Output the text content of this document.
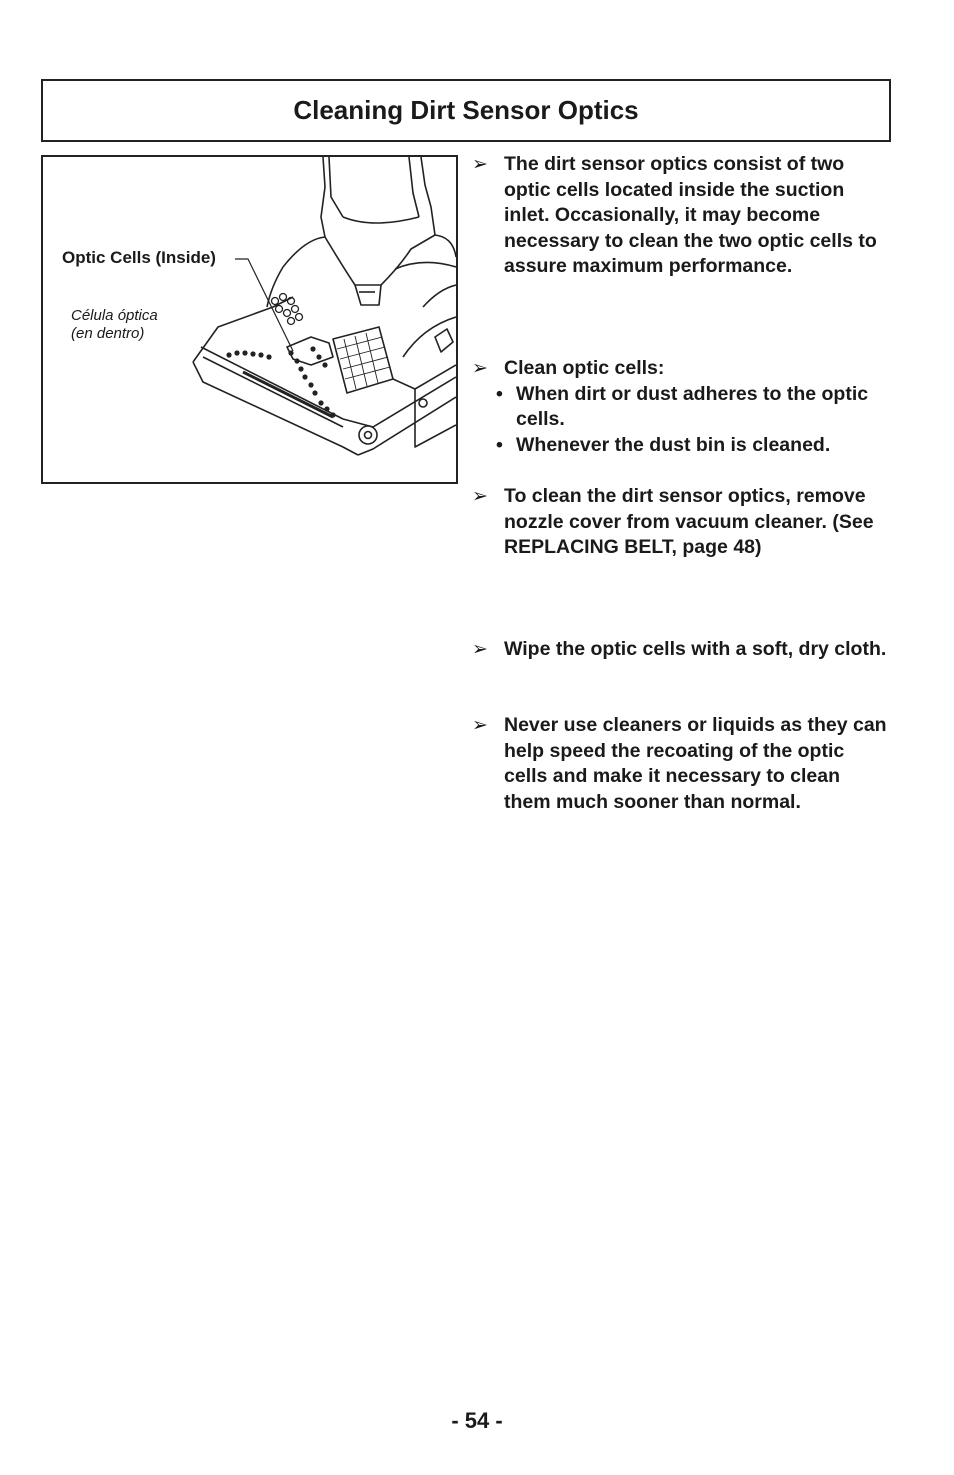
Cleaning Dirt Sensor Optics
Optic Cells (Inside)
Célula óptica
(en dentro)
➢ The dirt sensor optics consist of two optic cells located inside the suction inlet. Occasionally, it may become necessary to clean the two optic cells to assure maximum performance.
➢ Clean optic cells:
• When dirt or dust adheres to the optic cells.
• Whenever the dust bin is cleaned.
➢ To clean the dirt sensor optics, remove nozzle cover from vacuum cleaner. (See REPLACING BELT, page 48)
➢ Wipe the optic cells with a soft, dry cloth.
➢ Never use cleaners or liquids as they can help speed the recoating of the optic cells and make it necessary to clean them much sooner than normal.
- 54 -
